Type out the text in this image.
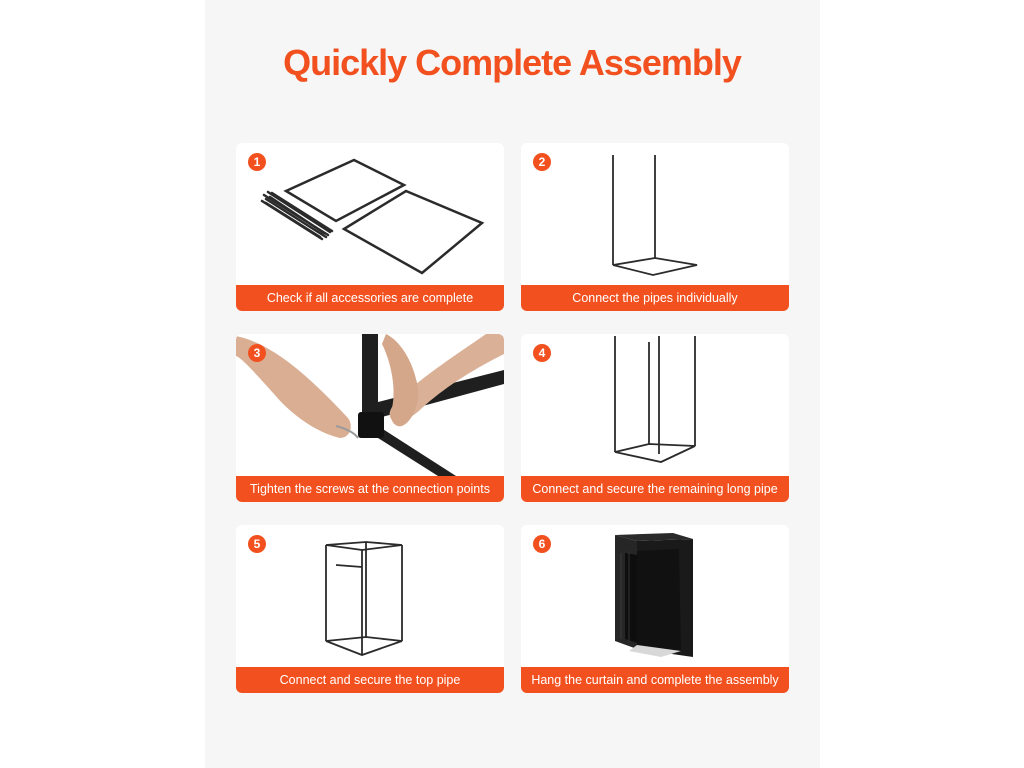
Quickly Complete Assembly
1
Check if all accessories are complete
2
Connect the pipes individually
3
Tighten the screws at the connection points
4
Connect and secure the remaining long pipe
5
Connect and secure the top pipe
6
Hang the curtain and complete the assembly
